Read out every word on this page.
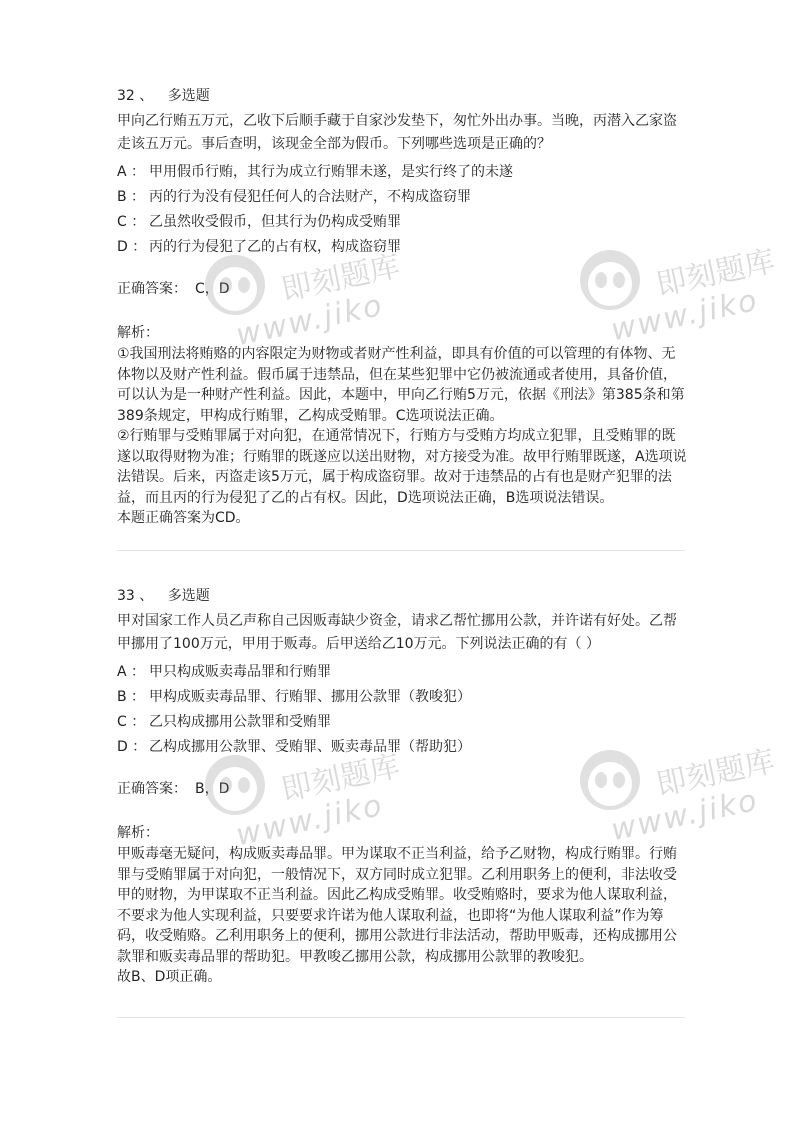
32 、 多选题
甲向乙行贿五万元，乙收下后顺手藏于自家沙发垫下，匆忙外出办事。当晚，丙潜入乙家盗走该五万元。事后查明，该现金全部为假币。下列哪些选项是正确的？
A ： 甲用假币行贿，其行为成立行贿罪未遂，是实行终了的未遂
B ： 丙的行为没有侵犯任何人的合法财产，不构成盗窃罪
C ： 乙虽然收受假币，但其行为仍构成受贿罪
D ： 丙的行为侵犯了乙的占有权，构成盗窃罪
正确答案： C，D
解析：

①我国刑法将贿赂的内容限定为财物或者财产性利益，即具有价值的可以管理的有体物、无体物以及财产性利益。假币属于违禁品，但在某些犯罪中它仍被流通或者使用，具备价值，可以认为是一种财产性利益。因此，本题中，甲向乙行贿5万元，依据《刑法》第385条和第389条规定，甲构成行贿罪，乙构成受贿罪。C选项说法正确。

②行贿罪与受贿罪属于对向犯，在通常情况下，行贿方与受贿方均成立犯罪，且受贿罪的既遂以取得财物为准；行贿罪的既遂应以送出财物，对方接受为准。故甲行贿罪既遂，A选项说法错误。后来，丙盗走该5万元，属于构成盗窃罪。故对于违禁品的占有也是财产犯罪的法益，而且丙的行为侵犯了乙的占有权。因此，D选项说法正确，B选项说法错误。

本题正确答案为CD。

33 、 多选题
甲对国家工作人员乙声称自己因贩毒缺少资金，请求乙帮忙挪用公款，并许诺有好处。乙帮甲挪用了100万元，甲用于贩毒。后甲送给乙10万元。下列说法正确的有（ ）
A ： 甲只构成贩卖毒品罪和行贿罪
B ： 甲构成贩卖毒品罪、行贿罪、挪用公款罪（教唆犯）
C ： 乙只构成挪用公款罪和受贿罪
D ： 乙构成挪用公款罪、受贿罪、贩卖毒品罪（帮助犯）
正确答案： B，D
解析：

甲贩毒毫无疑问，构成贩卖毒品罪。甲为谋取不正当利益，给予乙财物，构成行贿罪。行贿罪与受贿罪属于对向犯，一般情况下，双方同时成立犯罪。乙利用职务上的便利，非法收受甲的财物，为甲谋取不正当利益。因此乙构成受贿罪。收受贿赂时，要求为他人谋取利益，不要求为他人实现利益，只要要求许诺为他人谋取利益，也即将“为他人谋取利益”作为筹码，收受贿赂。乙利用职务上的便利，挪用公款进行非法活动，帮助甲贩毒，还构成挪用公款罪和贩卖毒品罪的帮助犯。甲教唆乙挪用公款，构成挪用公款罪的教唆犯。

故B、D项正确。

即刻题库
www.jiko
即刻题库
www.jiko
即刻题库
www.jiko
即刻题库
www.jiko
